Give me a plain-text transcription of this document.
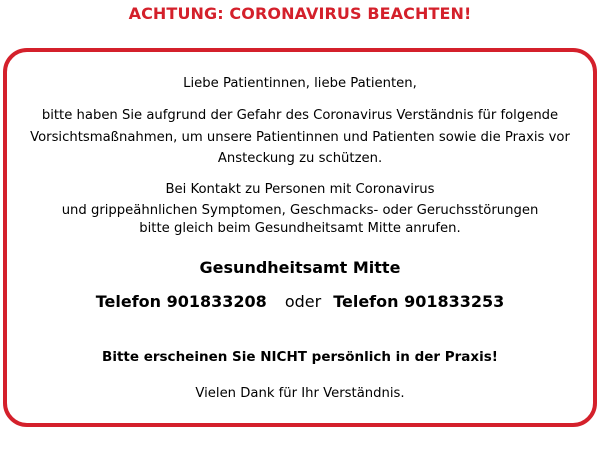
ACHTUNG: CORONAVIRUS BEACHTEN!
Liebe Patientinnen, liebe Patienten,
bitte haben Sie aufgrund der Gefahr des Coronavirus Verständnis für folgende
Vorsichtsmaßnahmen, um unsere Patientinnen und Patienten sowie die Praxis vor
Ansteckung zu schützen.
Bei Kontakt zu Personen mit Coronavirus
und grippeähnlichen Symptomen, Geschmacks- oder Geruchsstörungen
bitte gleich beim Gesundheitsamt Mitte anrufen.
Gesundheitsamt Mitte
Telefon 901833208 oder Telefon 901833253
Bitte erscheinen Sie NICHT persönlich in der Praxis!
Vielen Dank für Ihr Verständnis.
